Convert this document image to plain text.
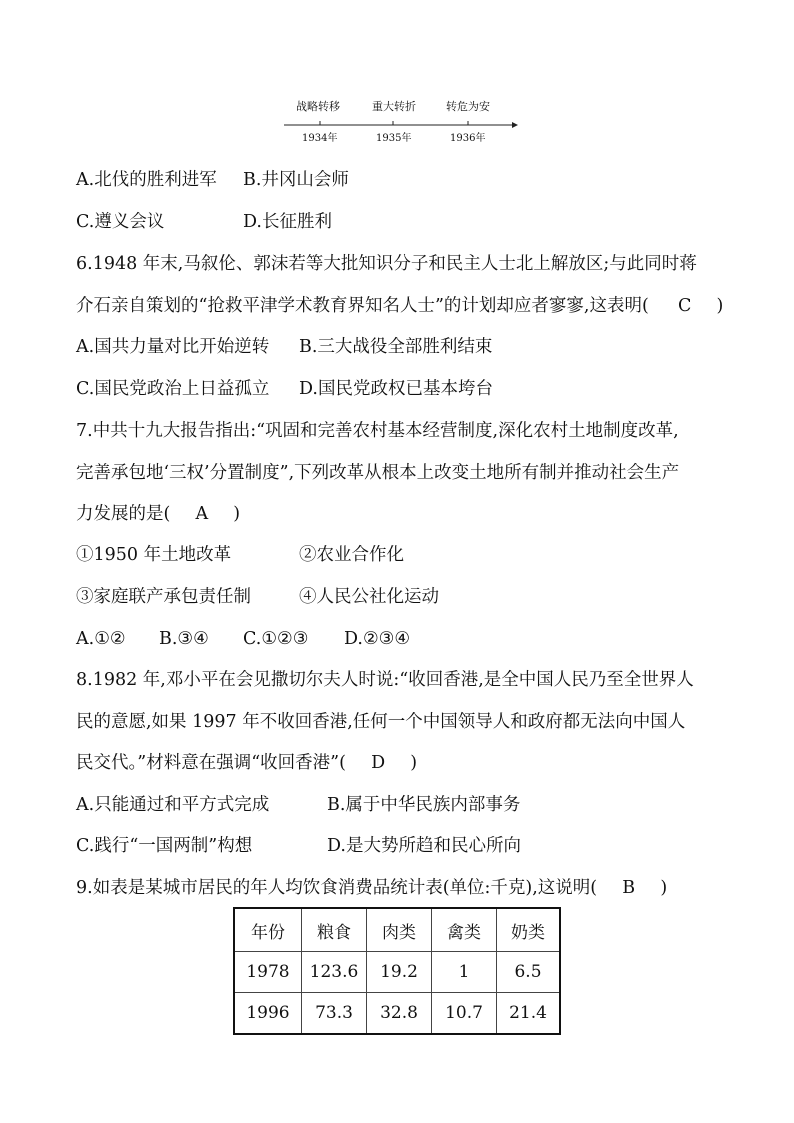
战略转移	重大转折	转危为安
1934年	1935年	1936年
A.北伐的胜利进军 B.井冈山会师
C.遵义会议	D.长征胜利
6.1948 年末,马叙伦、郭沫若等大批知识分子和民主人士北上解放区;与此同时蒋
介石亲自策划的“抢救平津学术教育界知名人士”的计划却应者寥寥,这表明( C )
A.国共力量对比开始逆转 B.三大战役全部胜利结束
C.国民党政治上日益孤立 D.国民党政权已基本垮台
7.中共十九大报告指出:“巩固和完善农村基本经营制度,深化农村土地制度改革,
完善承包地‘三权’分置制度”,下列改革从根本上改变土地所有制并推动社会生产
力发展的是( A )
①1950 年土地改革	②农业合作化
③家庭联产承包责任制	④人民公社化运动
A.①② B.③④ C.①②③ D.②③④
8.1982 年,邓小平在会见撒切尔夫人时说:“收回香港,是全中国人民乃至全世界人
民的意愿,如果 1997 年不收回香港,任何一个中国领导人和政府都无法向中国人
民交代。”材料意在强调“收回香港”( D )
A.只能通过和平方式完成	B.属于中华民族内部事务
C.践行“一国两制”构想	D.是大势所趋和民心所向
9.如表是某城市居民的年人均饮食消费品统计表(单位:千克),这说明( B )
年份	粮食	肉类	禽类	奶类
1978	123.6	19.2	1	6.5
1996	73.3	32.8	10.7	21.4
